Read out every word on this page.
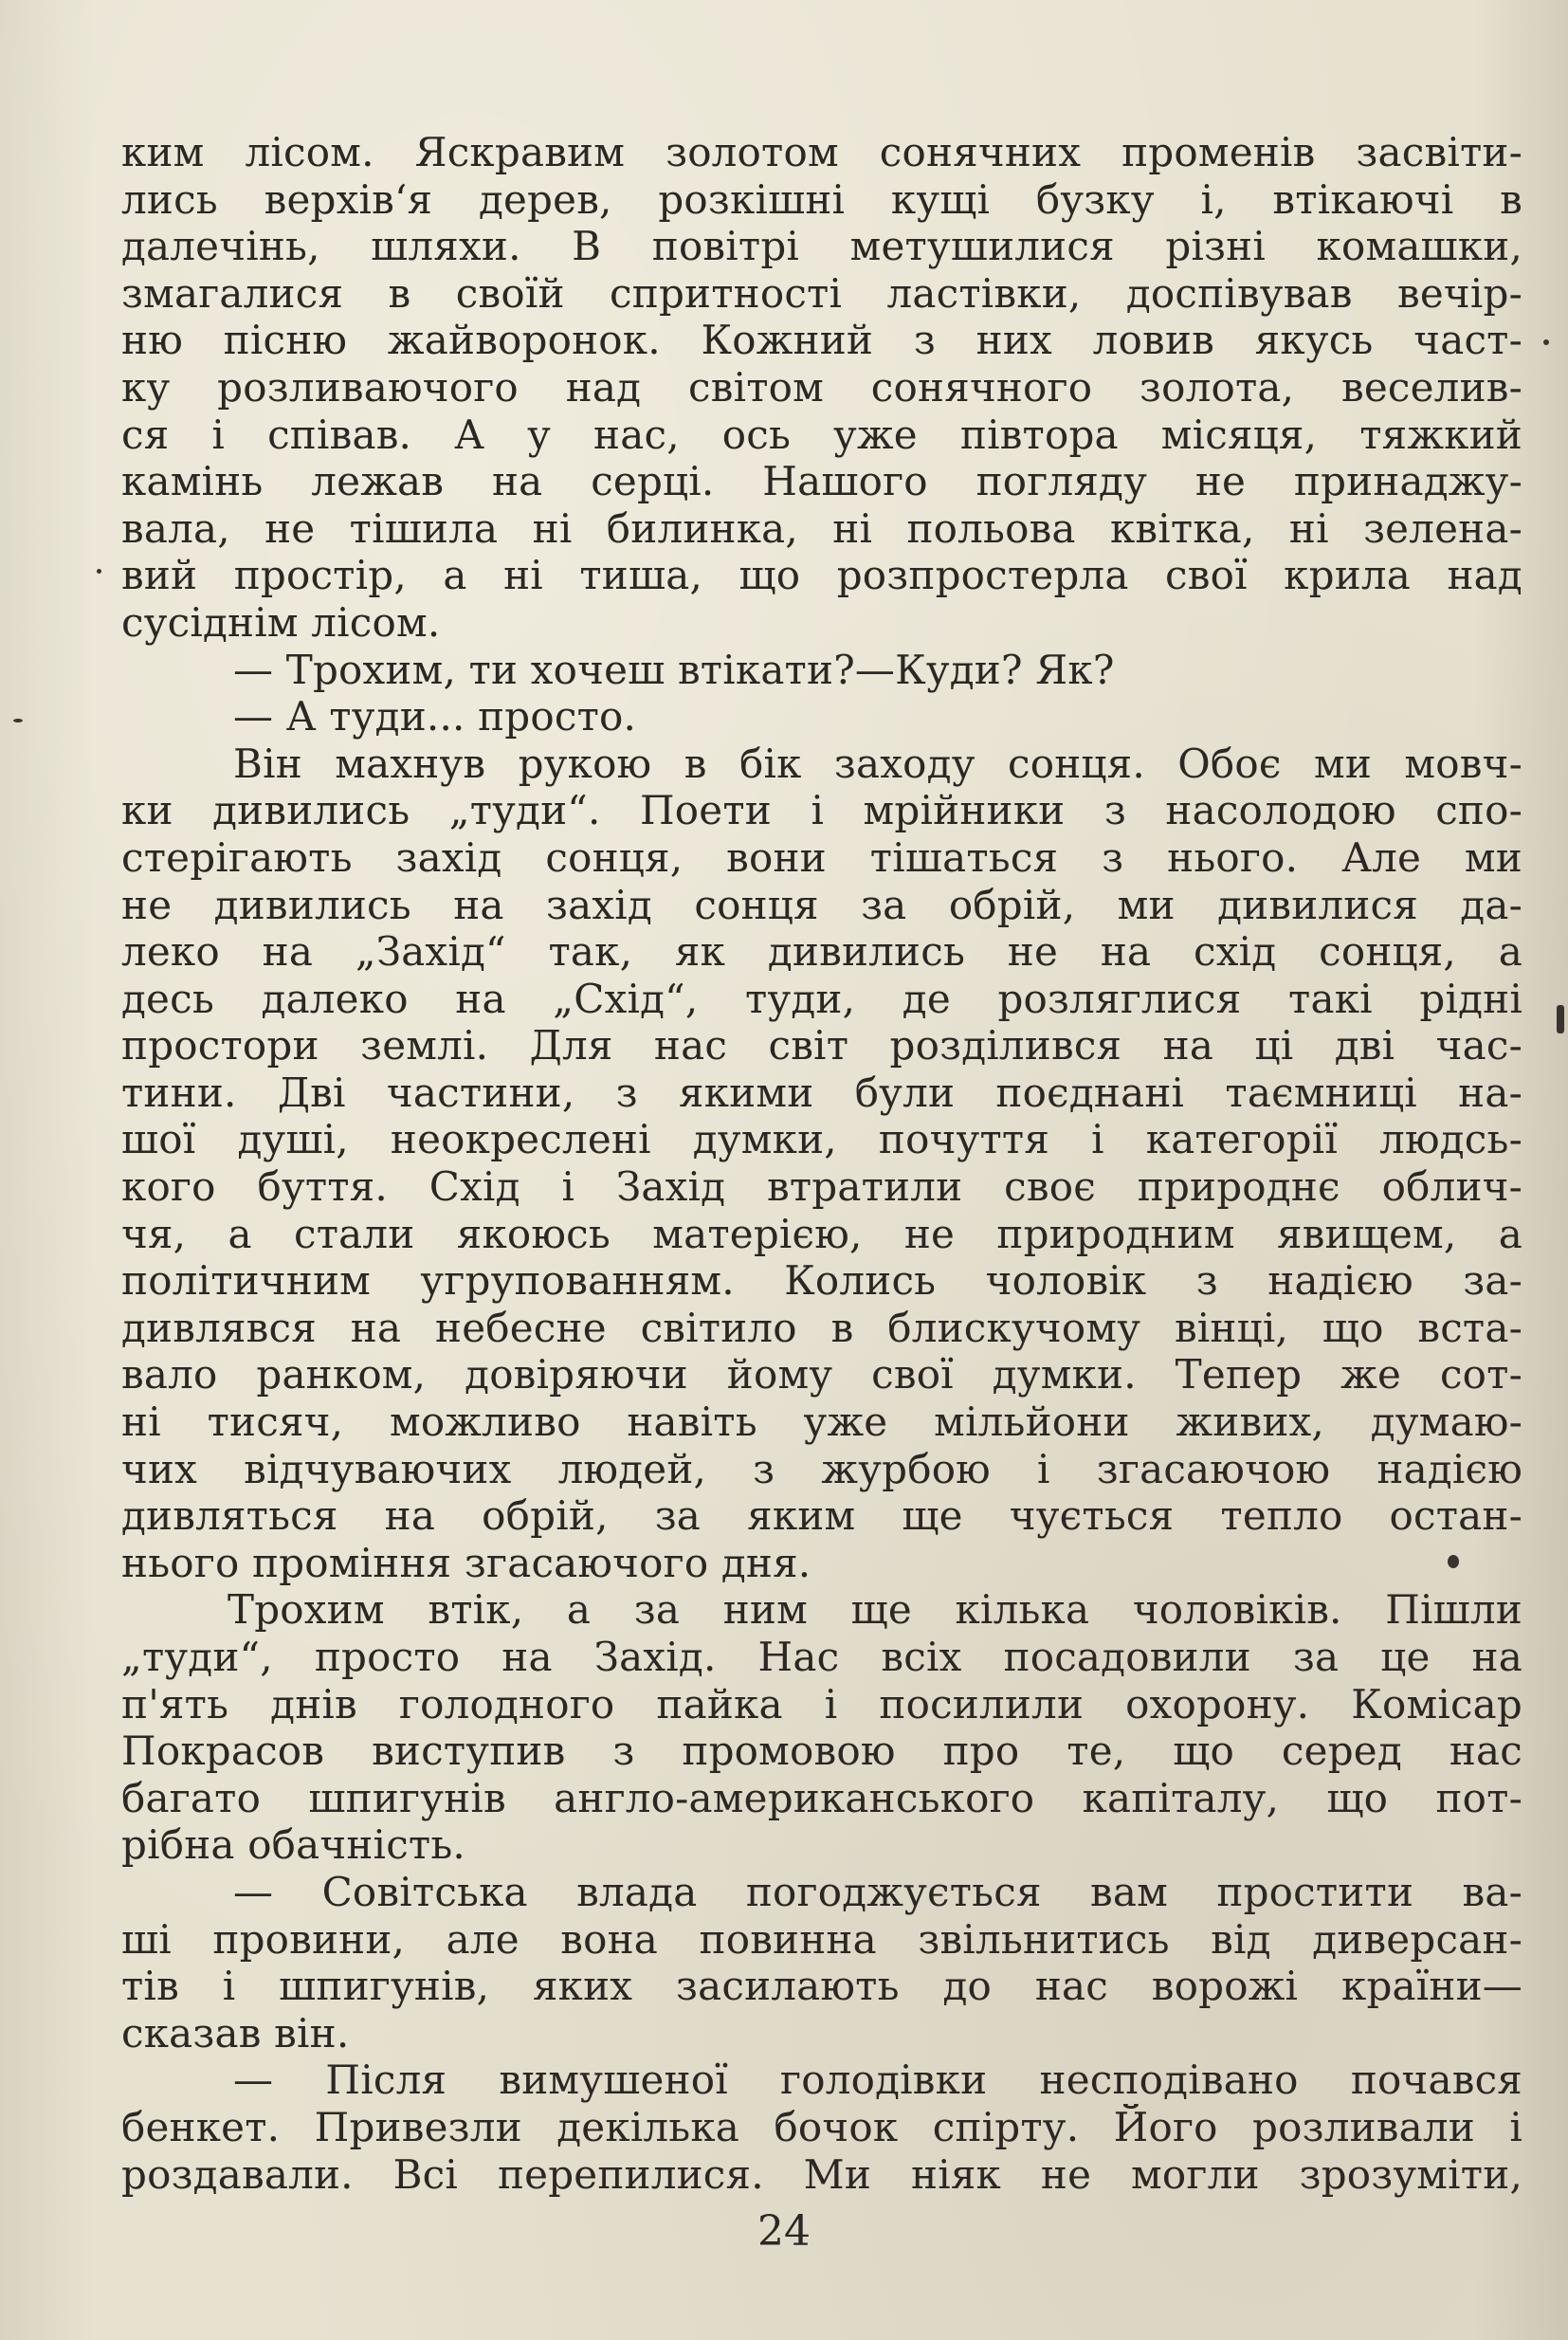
ким лісом. Яскравим золотом сонячних променів засвіти-
лись верхів‘я дерев, розкішні кущі бузку і, втікаючі в
далечінь, шляхи. В повітрі метушилися різні комашки,
змагалися в своїй спритності ластівки, доспівував вечір-
ню пісню жайворонок. Кожний з них ловив якусь част-
ку розливаючого над світом сонячного золота, веселив-
ся і співав. А у нас, ось уже півтора місяця, тяжкий
камінь лежав на серці. Нашого погляду не принаджу-
вала, не тішила ні билинка, ні польова квітка, ні зелена-
вий простір, а ні тиша, що розпростерла свої крила над
сусіднім лісом.
— Трохим, ти хочеш втікати?—Куди? Як?
— А туди... просто.
Він махнув рукою в бік заходу сонця. Обоє ми мовч-
ки дивились „туди“. Поети і мрійники з насолодою спо-
стерігають захід сонця, вони тішаться з нього. Але ми
не дивились на захід сонця за обрій, ми дивилися да-
леко на „Захід“ так, як дивились не на схід сонця, а
десь далеко на „Схід“, туди, де розляглися такі рідні
простори землі. Для нас світ розділився на ці дві час-
тини. Дві частини, з якими були поєднані таємниці на-
шої душі, неокреслені думки, почуття і категорії людсь-
кого буття. Схід і Захід втратили своє природнє облич-
чя, а стали якоюсь матерією, не природним явищем, а
політичним угрупованням. Колись чоловік з надією за-
дивлявся на небесне світило в блискучому вінці, що вста-
вало ранком, довіряючи йому свої думки. Тепер же сот-
ні тисяч, можливо навіть уже мільйони живих, думаю-
чих відчуваючих людей, з журбою і згасаючою надією
дивляться на обрій, за яким ще чується тепло остан-
нього проміння згасаючого дня.
Трохим втік, а за ним ще кілька чоловіків. Пішли
„туди“, просто на Захід. Нас всіх посадовили за це на
п'ять днів голодного пайка і посилили охорону. Комісар
Покрасов виступив з промовою про те, що серед нас
багато шпигунів англо-американського капіталу, що пот-
рібна обачність.
— Совітська влада погоджується вам простити ва-
ші провини, але вона повинна звільнитись від диверсан-
тів і шпигунів, яких засилають до нас ворожі країни—
сказав він.
— Після вимушеної голодівки несподівано почався
бенкет. Привезли декілька бочок спірту. Його розливали і
роздавали. Всі перепилися. Ми ніяк не могли зрозуміти,
24
